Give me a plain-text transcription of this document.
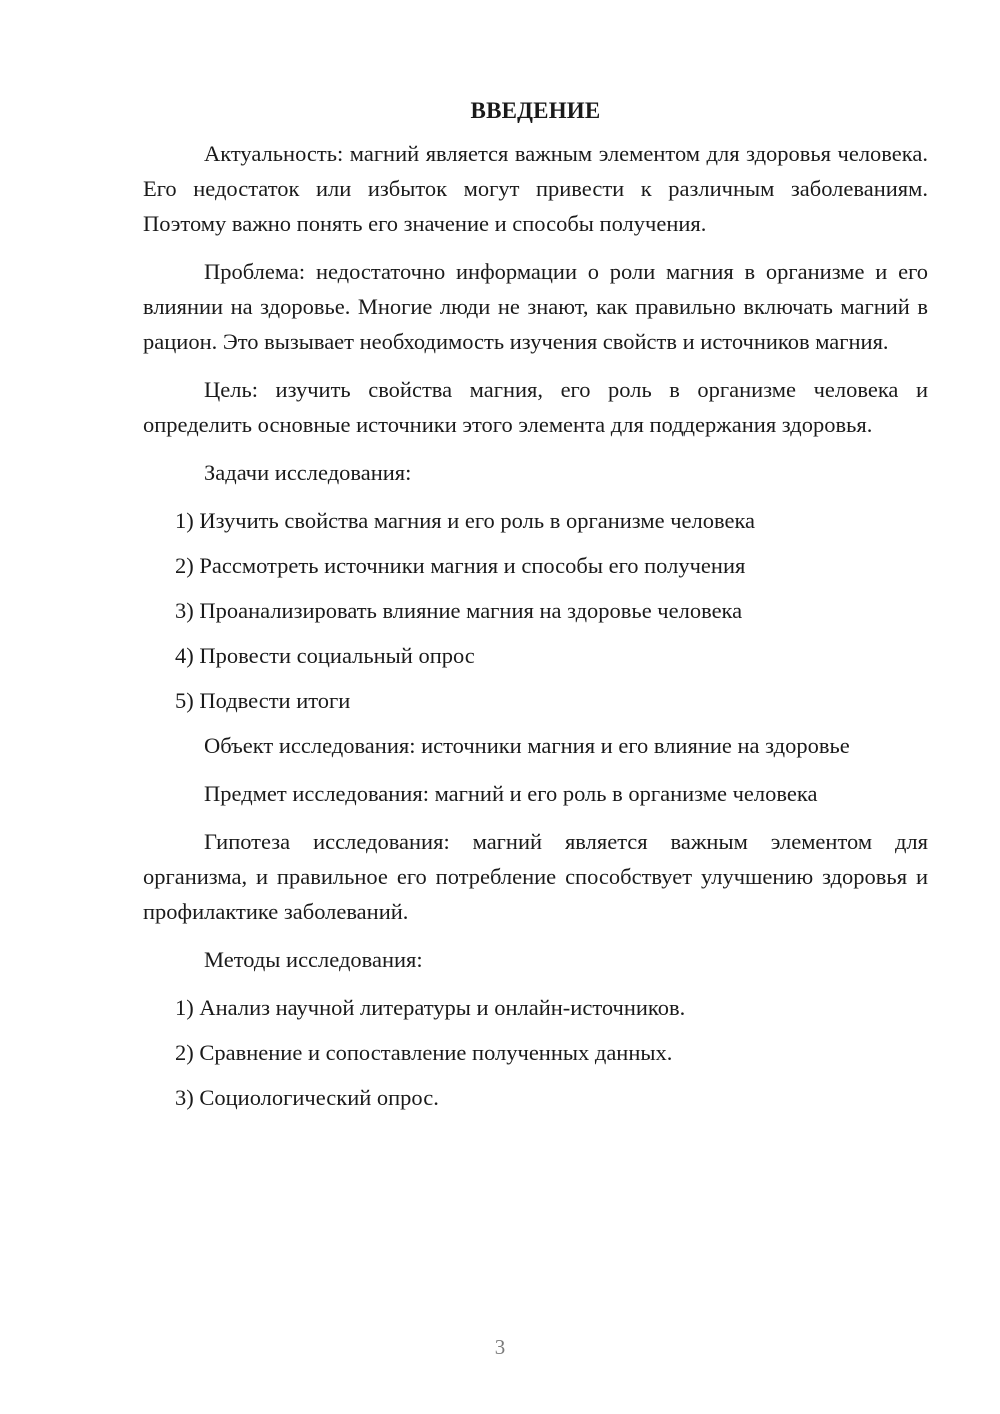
ВВЕДЕНИЕ

Актуальность: магний является важным элементом для здоровья человека. Его недостаток или избыток могут привести к различным заболеваниям. Поэтому важно понять его значение и способы получения.

Проблема: недостаточно информации о роли магния в организме и его влиянии на здоровье. Многие люди не знают, как правильно включать магний в рацион. Это вызывает необходимость изучения свойств и источников магния.

Цель: изучить свойства магния, его роль в организме человека и определить основные источники этого элемента для поддержания здоровья.

Задачи исследования:

1) Изучить свойства магния и его роль в организме человека
2) Рассмотреть источники магния и способы его получения
3) Проанализировать влияние магния на здоровье человека
4) Провести социальный опрос
5) Подвести итоги

Объект исследования: источники магния и его влияние на здоровье

Предмет исследования: магний и его роль в организме человека

Гипотеза исследования: магний является важным элементом для организма, и правильное его потребление способствует улучшению здоровья и профилактике заболеваний.

Методы исследования:

1) Анализ научной литературы и онлайн-источников.
2) Сравнение и сопоставление полученных данных.
3) Социологический опрос.
3
